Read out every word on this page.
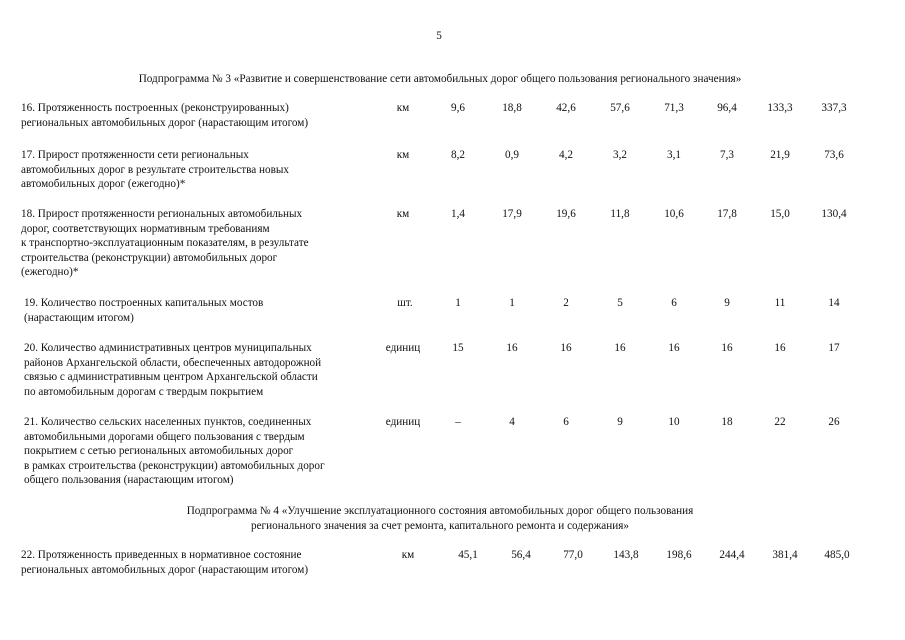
5
Подпрограмма № 3 «Развитие и совершенствование сети автомобильных дорог общего пользования регионального значения»
16. Протяженность построенных (реконструированных)
региональных автомобильных дорог (нарастающим итогом)
км	9,6	18,8	42,6	57,6	71,3	96,4	133,3	337,3
17. Прирост протяженности сети региональных
автомобильных дорог в результате строительства новых
автомобильных дорог (ежегодно)*
км	8,2	0,9	4,2	3,2	3,1	7,3	21,9	73,6
18. Прирост протяженности региональных автомобильных
дорог, соответствующих нормативным требованиям
к транспортно-эксплуатационным показателям, в результате
строительства (реконструкции) автомобильных дорог
(ежегодно)*
км	1,4	17,9	19,6	11,8	10,6	17,8	15,0	130,4
19. Количество построенных капитальных мостов
(нарастающим итогом)
шт.	1	1	2	5	6	9	11	14
20. Количество административных центров муниципальных
районов Архангельской области, обеспеченных автодорожной
связью с административным центром Архангельской области
по автомобильным дорогам с твердым покрытием
единиц	15	16	16	16	16	16	16	17
21. Количество сельских населенных пунктов, соединенных
автомобильными дорогами общего пользования с твердым
покрытием с сетью региональных автомобильных дорог
в рамках строительства (реконструкции) автомобильных дорог
общего пользования (нарастающим итогом)
единиц	–	4	6	9	10	18	22	26
Подпрограмма № 4 «Улучшение эксплуатационного состояния автомобильных дорог общего пользования
регионального значения за счет ремонта, капитального ремонта и содержания»
22. Протяженность приведенных в нормативное состояние
региональных автомобильных дорог (нарастающим итогом)
км	45,1	56,4	77,0	143,8	198,6	244,4	381,4	485,0
